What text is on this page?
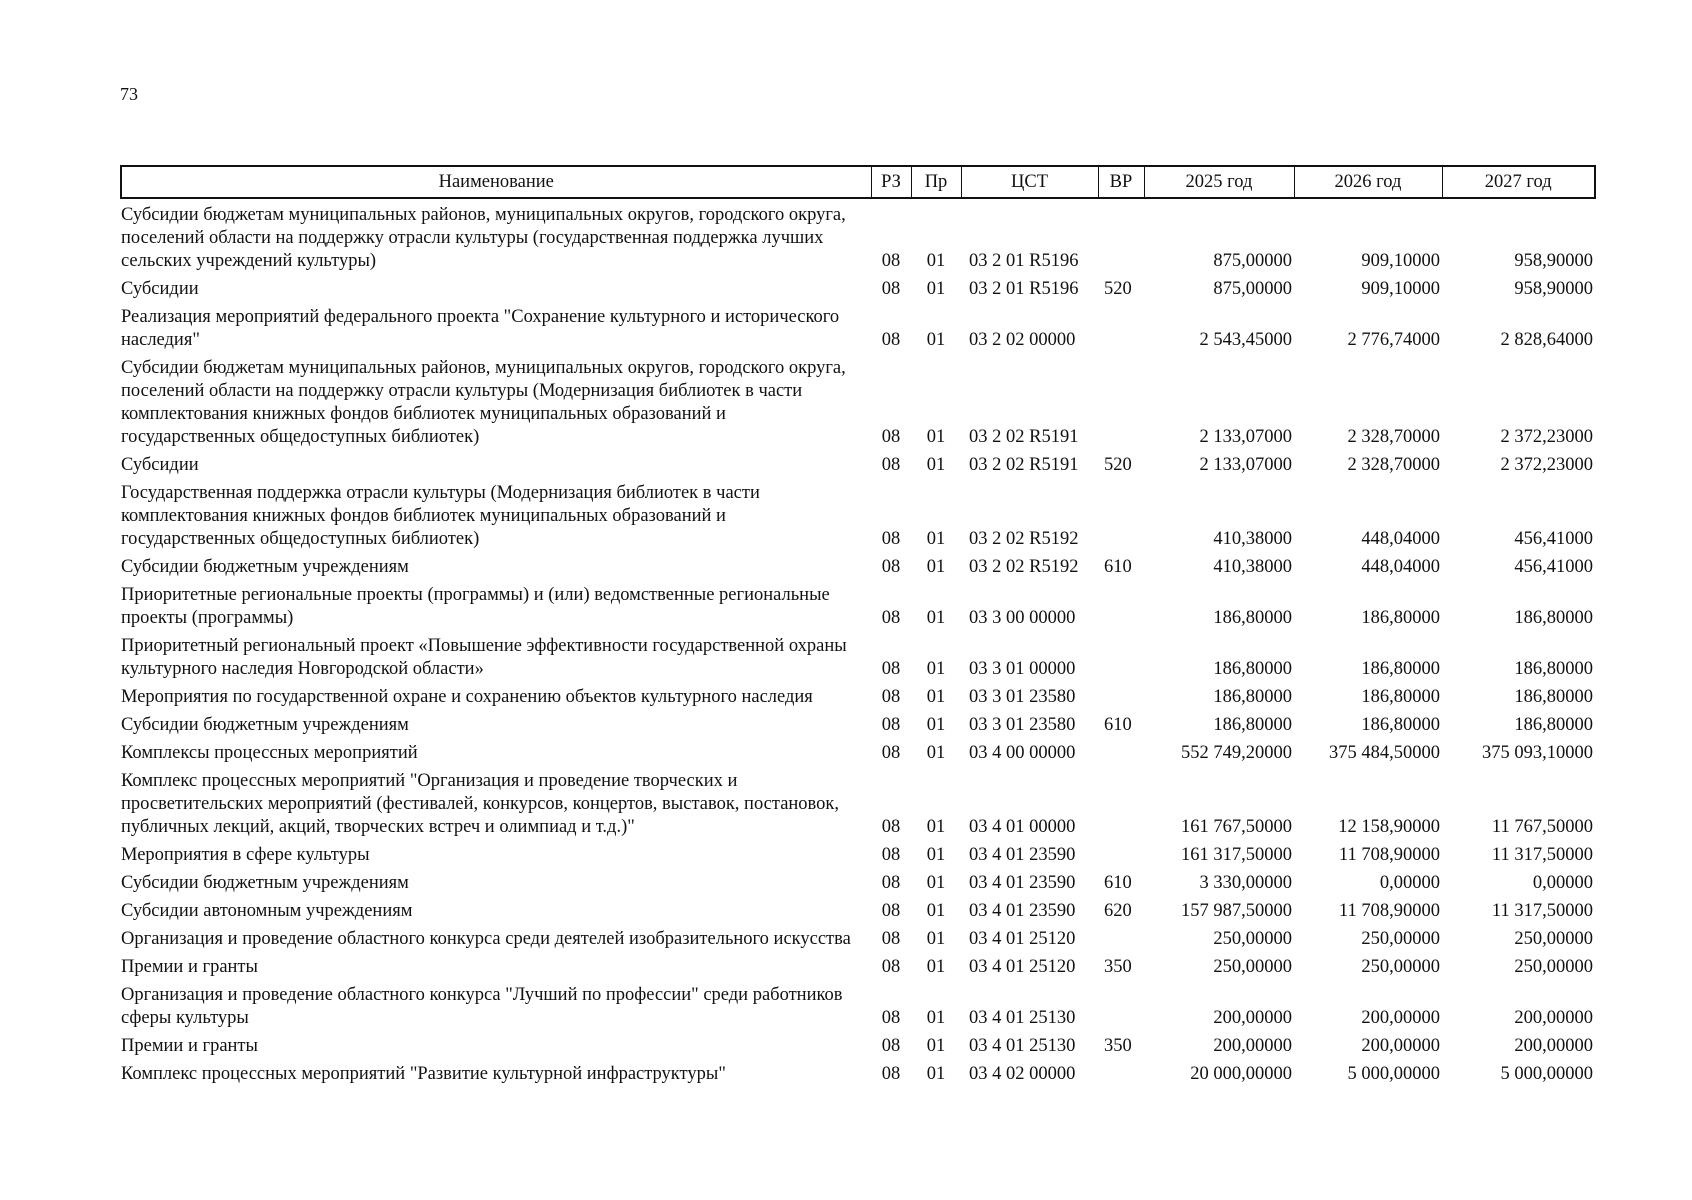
73
Наименование	РЗ	Пр	ЦСТ	ВР	2025 год	2026 год	2027 год
Субсидии бюджетам муниципальных районов, муниципальных округов, городского округа, поселений области на поддержку отрасли культуры (государственная поддержка лучших сельских учреждений культуры)	08	01	03 2 01 R5196		875,00000	909,10000	958,90000
Субсидии	08	01	03 2 01 R5196	520	875,00000	909,10000	958,90000
Реализация мероприятий федерального проекта "Сохранение культурного и исторического наследия"	08	01	03 2 02 00000		2 543,45000	2 776,74000	2 828,64000
Субсидии бюджетам муниципальных районов, муниципальных округов, городского округа, поселений области на поддержку отрасли культуры (Модернизация библиотек в части комплектования книжных фондов библиотек муниципальных образований и государственных общедоступных библиотек)	08	01	03 2 02 R5191		2 133,07000	2 328,70000	2 372,23000
Субсидии	08	01	03 2 02 R5191	520	2 133,07000	2 328,70000	2 372,23000
Государственная поддержка отрасли культуры (Модернизация библиотек в части комплектования книжных фондов библиотек муниципальных образований и государственных общедоступных библиотек)	08	01	03 2 02 R5192		410,38000	448,04000	456,41000
Субсидии бюджетным учреждениям	08	01	03 2 02 R5192	610	410,38000	448,04000	456,41000
Приоритетные региональные проекты (программы) и (или) ведомственные региональные проекты (программы)	08	01	03 3 00 00000		186,80000	186,80000	186,80000
Приоритетный региональный проект «Повышение эффективности государственной охраны культурного наследия Новгородской области»	08	01	03 3 01 00000		186,80000	186,80000	186,80000
Мероприятия по государственной охране и сохранению объектов культурного наследия	08	01	03 3 01 23580		186,80000	186,80000	186,80000
Субсидии бюджетным учреждениям	08	01	03 3 01 23580	610	186,80000	186,80000	186,80000
Комплексы процессных мероприятий	08	01	03 4 00 00000		552 749,20000	375 484,50000	375 093,10000
Комплекс процессных мероприятий "Организация и проведение творческих и просветительских мероприятий (фестивалей, конкурсов, концертов, выставок, постановок, публичных лекций, акций, творческих встреч и олимпиад и т.д.)"	08	01	03 4 01 00000		161 767,50000	12 158,90000	11 767,50000
Мероприятия в сфере культуры	08	01	03 4 01 23590		161 317,50000	11 708,90000	11 317,50000
Субсидии бюджетным учреждениям	08	01	03 4 01 23590	610	3 330,00000	0,00000	0,00000
Субсидии автономным учреждениям	08	01	03 4 01 23590	620	157 987,50000	11 708,90000	11 317,50000
Организация и проведение областного конкурса среди деятелей изобразительного искусства	08	01	03 4 01 25120		250,00000	250,00000	250,00000
Премии и гранты	08	01	03 4 01 25120	350	250,00000	250,00000	250,00000
Организация и проведение областного конкурса "Лучший по профессии" среди работников сферы культуры	08	01	03 4 01 25130		200,00000	200,00000	200,00000
Премии и гранты	08	01	03 4 01 25130	350	200,00000	200,00000	200,00000
Комплекс процессных мероприятий "Развитие культурной инфраструктуры"	08	01	03 4 02 00000		20 000,00000	5 000,00000	5 000,00000
